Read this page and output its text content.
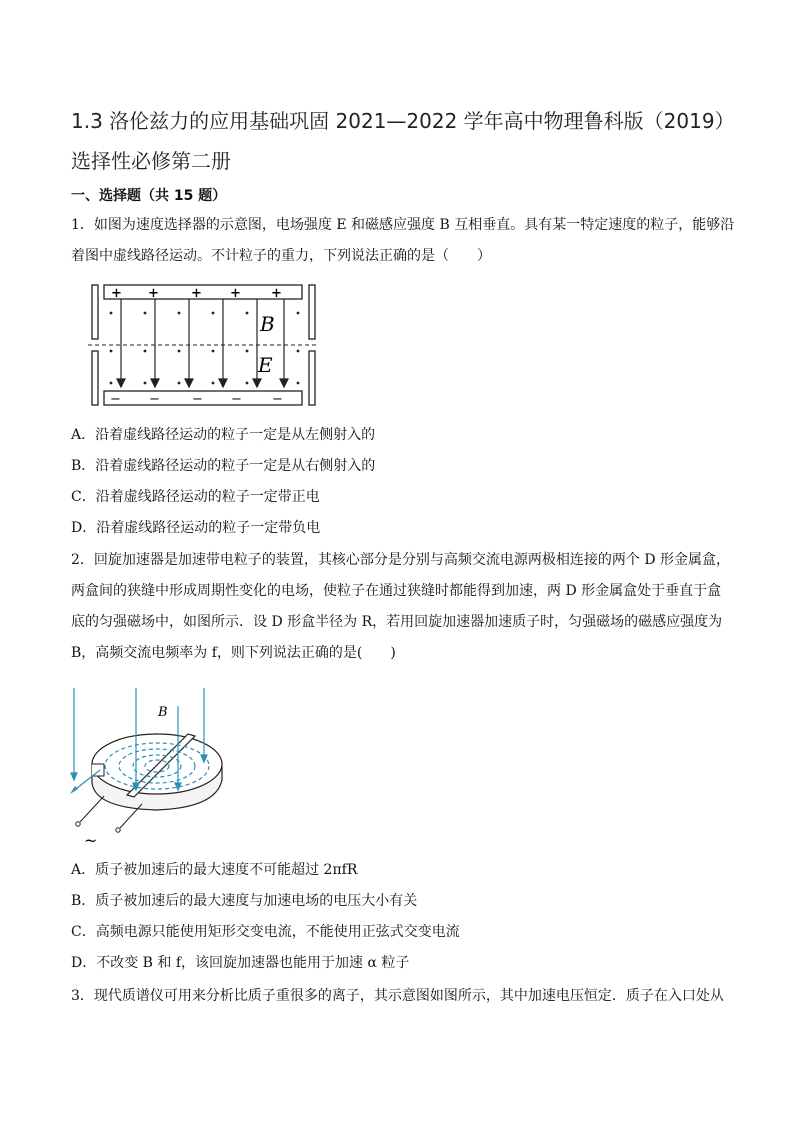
1.3 洛伦兹力的应用基础巩固 2021—2022 学年高中物理鲁科版（2019）
选择性必修第二册
一、选择题（共 15 题）

1．如图为速度选择器的示意图，电场强度 E 和磁感应强度 B 互相垂直。具有某一特定速度的粒子，能够沿
着图中虚线路径运动。不计粒子的重力，下列说法正确的是（　　）

+ + + + +
− − − − −
B
E
A．沿着虚线路径运动的粒子一定是从左侧射入的
B．沿着虚线路径运动的粒子一定是从右侧射入的
C．沿着虚线路径运动的粒子一定带正电
D．沿着虚线路径运动的粒子一定带负电

2．回旋加速器是加速带电粒子的装置，其核心部分是分别与高频交流电源两极相连接的两个 D 形金属盒，
两盒间的狭缝中形成周期性变化的电场，使粒子在通过狭缝时都能得到加速，两 D 形金属盒处于垂直于盒
底的匀强磁场中，如图所示．设 D 形盒半径为 R，若用回旋加速器加速质子时，匀强磁场的磁感应强度为
B，高频交流电频率为 f，则下列说法正确的是(　　)

B
~
A．质子被加速后的最大速度不可能超过 2πfR
B．质子被加速后的最大速度与加速电场的电压大小有关
C．高频电源只能使用矩形交变电流，不能使用正弦式交变电流
D．不改变 B 和 f，该回旋加速器也能用于加速 α 粒子

3．现代质谱仪可用来分析比质子重很多的离子，其示意图如图所示，其中加速电压恒定．质子在入口处从
